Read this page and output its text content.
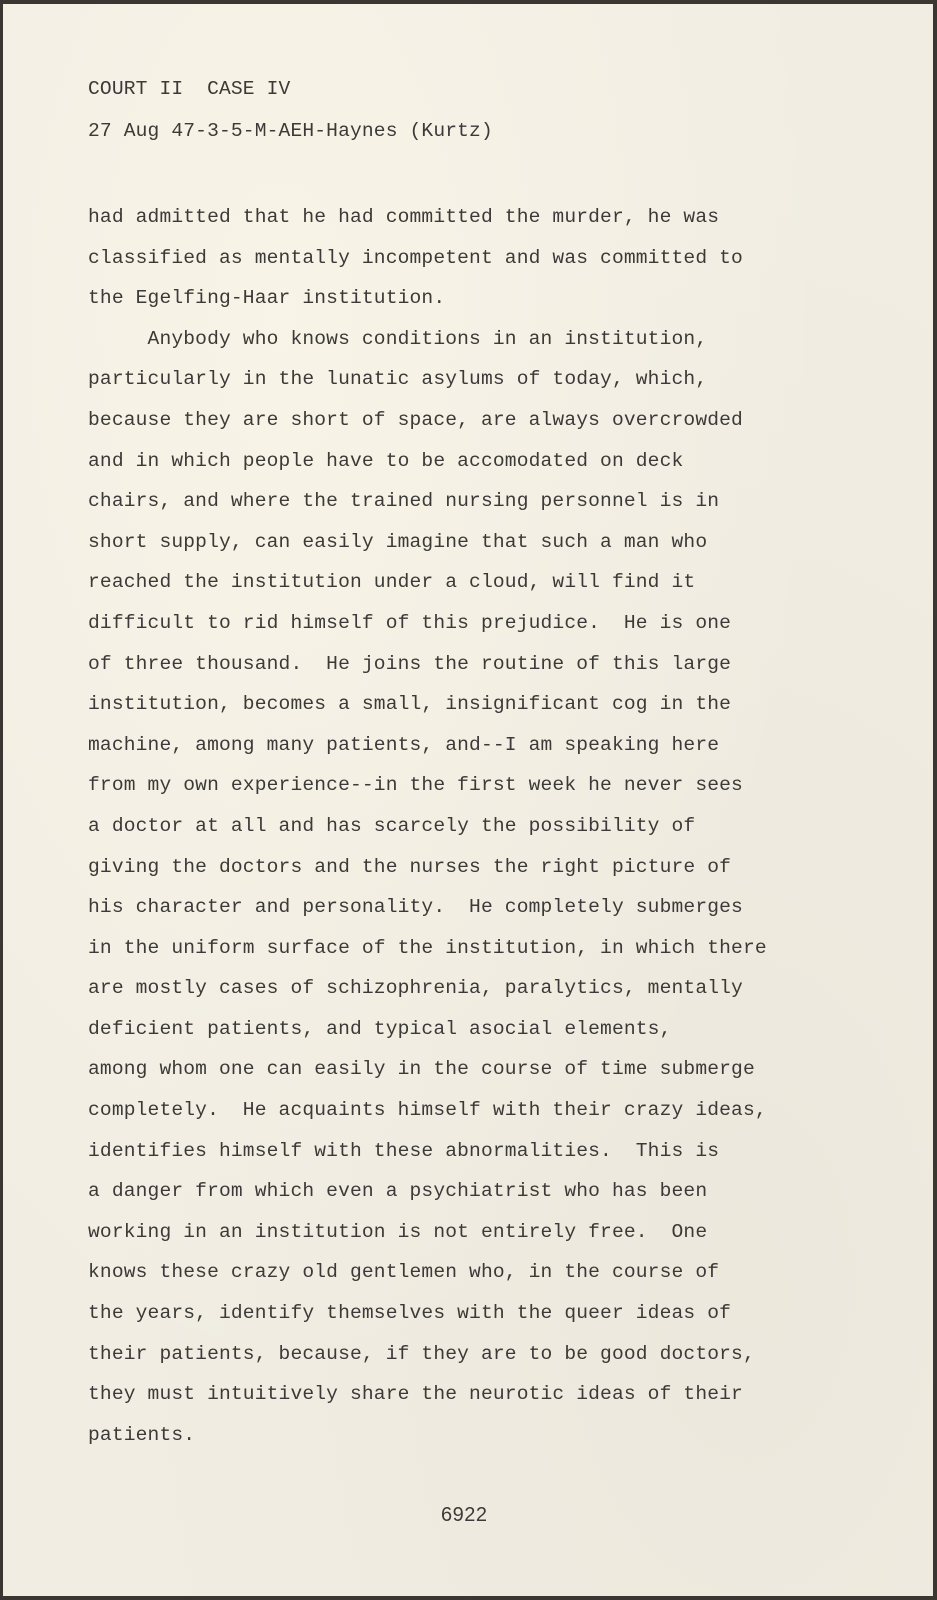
COURT II  CASE IV
27 Aug 47-3-5-M-AEH-Haynes (Kurtz)
had admitted that he had committed the murder, he was
classified as mentally incompetent and was committed to
the Egelfing-Haar institution.
Anybody who knows conditions in an institution,
particularly in the lunatic asylums of today, which,
because they are short of space, are always overcrowded
and in which people have to be accomodated on deck
chairs, and where the trained nursing personnel is in
short supply, can easily imagine that such a man who
reached the institution under a cloud, will find it
difficult to rid himself of this prejudice.  He is one
of three thousand.  He joins the routine of this large
institution, becomes a small, insignificant cog in the
machine, among many patients, and--I am speaking here
from my own experience--in the first week he never sees
a doctor at all and has scarcely the possibility of
giving the doctors and the nurses the right picture of
his character and personality.  He completely submerges
in the uniform surface of the institution, in which there
are mostly cases of schizophrenia, paralytics, mentally
deficient patients, and typical asocial elements,
among whom one can easily in the course of time submerge
completely.  He acquaints himself with their crazy ideas,
identifies himself with these abnormalities.  This is
a danger from which even a psychiatrist who has been
working in an institution is not entirely free.  One
knows these crazy old gentlemen who, in the course of
the years, identify themselves with the queer ideas of
their patients, because, if they are to be good doctors,
they must intuitively share the neurotic ideas of their
patients.
6922
